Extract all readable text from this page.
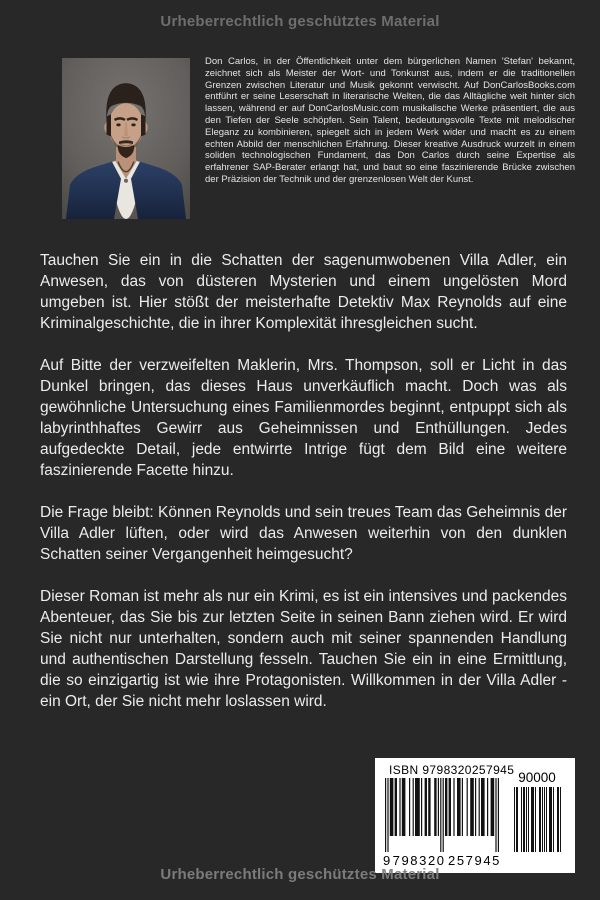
Urheberrechtlich geschütztes Material

Don Carlos, in der Öffentlichkeit unter dem bürgerlichen Namen 'Stefan' bekannt, zeichnet sich als Meister der Wort- und Tonkunst aus, indem er die traditionellen Grenzen zwischen Literatur und Musik gekonnt verwischt. Auf DonCarlosBooks.com entführt er seine Leserschaft in literarische Welten, die das Alltägliche weit hinter sich lassen, während er auf DonCarlosMusic.com musikalische Werke präsentiert, die aus den Tiefen der Seele schöpfen. Sein Talent, bedeutungsvolle Texte mit melodischer Eleganz zu kombinieren, spiegelt sich in jedem Werk wider und macht es zu einem echten Abbild der menschlichen Erfahrung. Dieser kreative Ausdruck wurzelt in einem soliden technologischen Fundament, das Don Carlos durch seine Expertise als erfahrener SAP-Berater erlangt hat, und baut so eine faszinierende Brücke zwischen der Präzision der Technik und der grenzenlosen Welt der Kunst.

Tauchen Sie ein in die Schatten der sagenumwobenen Villa Adler, ein Anwesen, das von düsteren Mysterien und einem ungelösten Mord umgeben ist. Hier stößt der meisterhafte Detektiv Max Reynolds auf eine Kriminalgeschichte, die in ihrer Komplexität ihresgleichen sucht.

Auf Bitte der verzweifelten Maklerin, Mrs. Thompson, soll er Licht in das Dunkel bringen, das dieses Haus unverkäuflich macht. Doch was als gewöhnliche Untersuchung eines Familienmordes beginnt, entpuppt sich als labyrinthhaftes Gewirr aus Geheimnissen und Enthüllungen. Jedes aufgedeckte Detail, jede entwirrte Intrige fügt dem Bild eine weitere faszinierende Facette hinzu.

Die Frage bleibt: Können Reynolds und sein treues Team das Geheimnis der Villa Adler lüften, oder wird das Anwesen weiterhin von den dunklen Schatten seiner Vergangenheit heimgesucht?

Dieser Roman ist mehr als nur ein Krimi, es ist ein intensives und packendes Abenteuer, das Sie bis zur letzten Seite in seinen Bann ziehen wird. Er wird Sie nicht nur unterhalten, sondern auch mit seiner spannenden Handlung und authentischen Darstellung fesseln. Tauchen Sie ein in eine Ermittlung, die so einzigartig ist wie ihre Protagonisten. Willkommen in der Villa Adler - ein Ort, der Sie nicht mehr loslassen wird.

ISBN 9798320257945 90000
9 798320 257945
Urheberrechtlich geschütztes Material
